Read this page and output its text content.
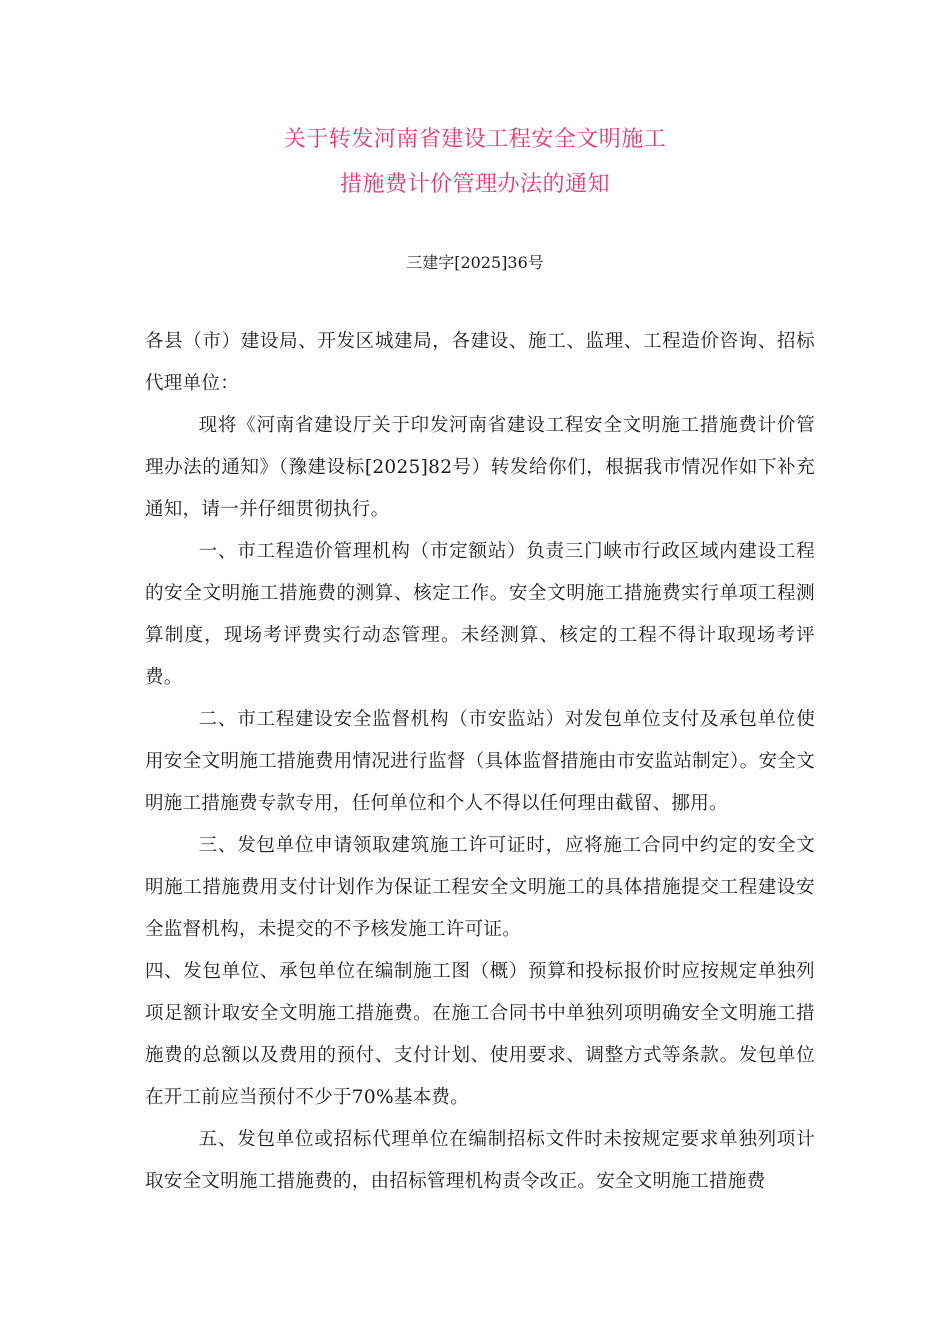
关于转发河南省建设工程安全文明施工
措施费计价管理办法的通知
三建字[2025]36号

各县（市）建设局、开发区城建局，各建设、施工、监理、工程造价咨询、招标代理单位：

现将《河南省建设厅关于印发河南省建设工程安全文明施工措施费计价管理办法的通知》（豫建设标[2025]82号）转发给你们，根据我市情况作如下补充通知，请一并仔细贯彻执行。

一、市工程造价管理机构（市定额站）负责三门峡市行政区域内建设工程的安全文明施工措施费的测算、核定工作。安全文明施工措施费实行单项工程测算制度，现场考评费实行动态管理。未经测算、核定的工程不得计取现场考评费。

二、市工程建设安全监督机构（市安监站）对发包单位支付及承包单位使用安全文明施工措施费用情况进行监督（具体监督措施由市安监站制定）。安全文明施工措施费专款专用，任何单位和个人不得以任何理由截留、挪用。

三、发包单位申请领取建筑施工许可证时，应将施工合同中约定的安全文明施工措施费用支付计划作为保证工程安全文明施工的具体措施提交工程建设安全监督机构，未提交的不予核发施工许可证。

四、发包单位、承包单位在编制施工图（概）预算和投标报价时应按规定单独列项足额计取安全文明施工措施费。在施工合同书中单独列项明确安全文明施工措施费的总额以及费用的预付、支付计划、使用要求、调整方式等条款。发包单位在开工前应当预付不少于70%基本费。

五、发包单位或招标代理单位在编制招标文件时未按规定要求单独列项计取安全文明施工措施费的，由招标管理机构责令改正。安全文明施工措施费
